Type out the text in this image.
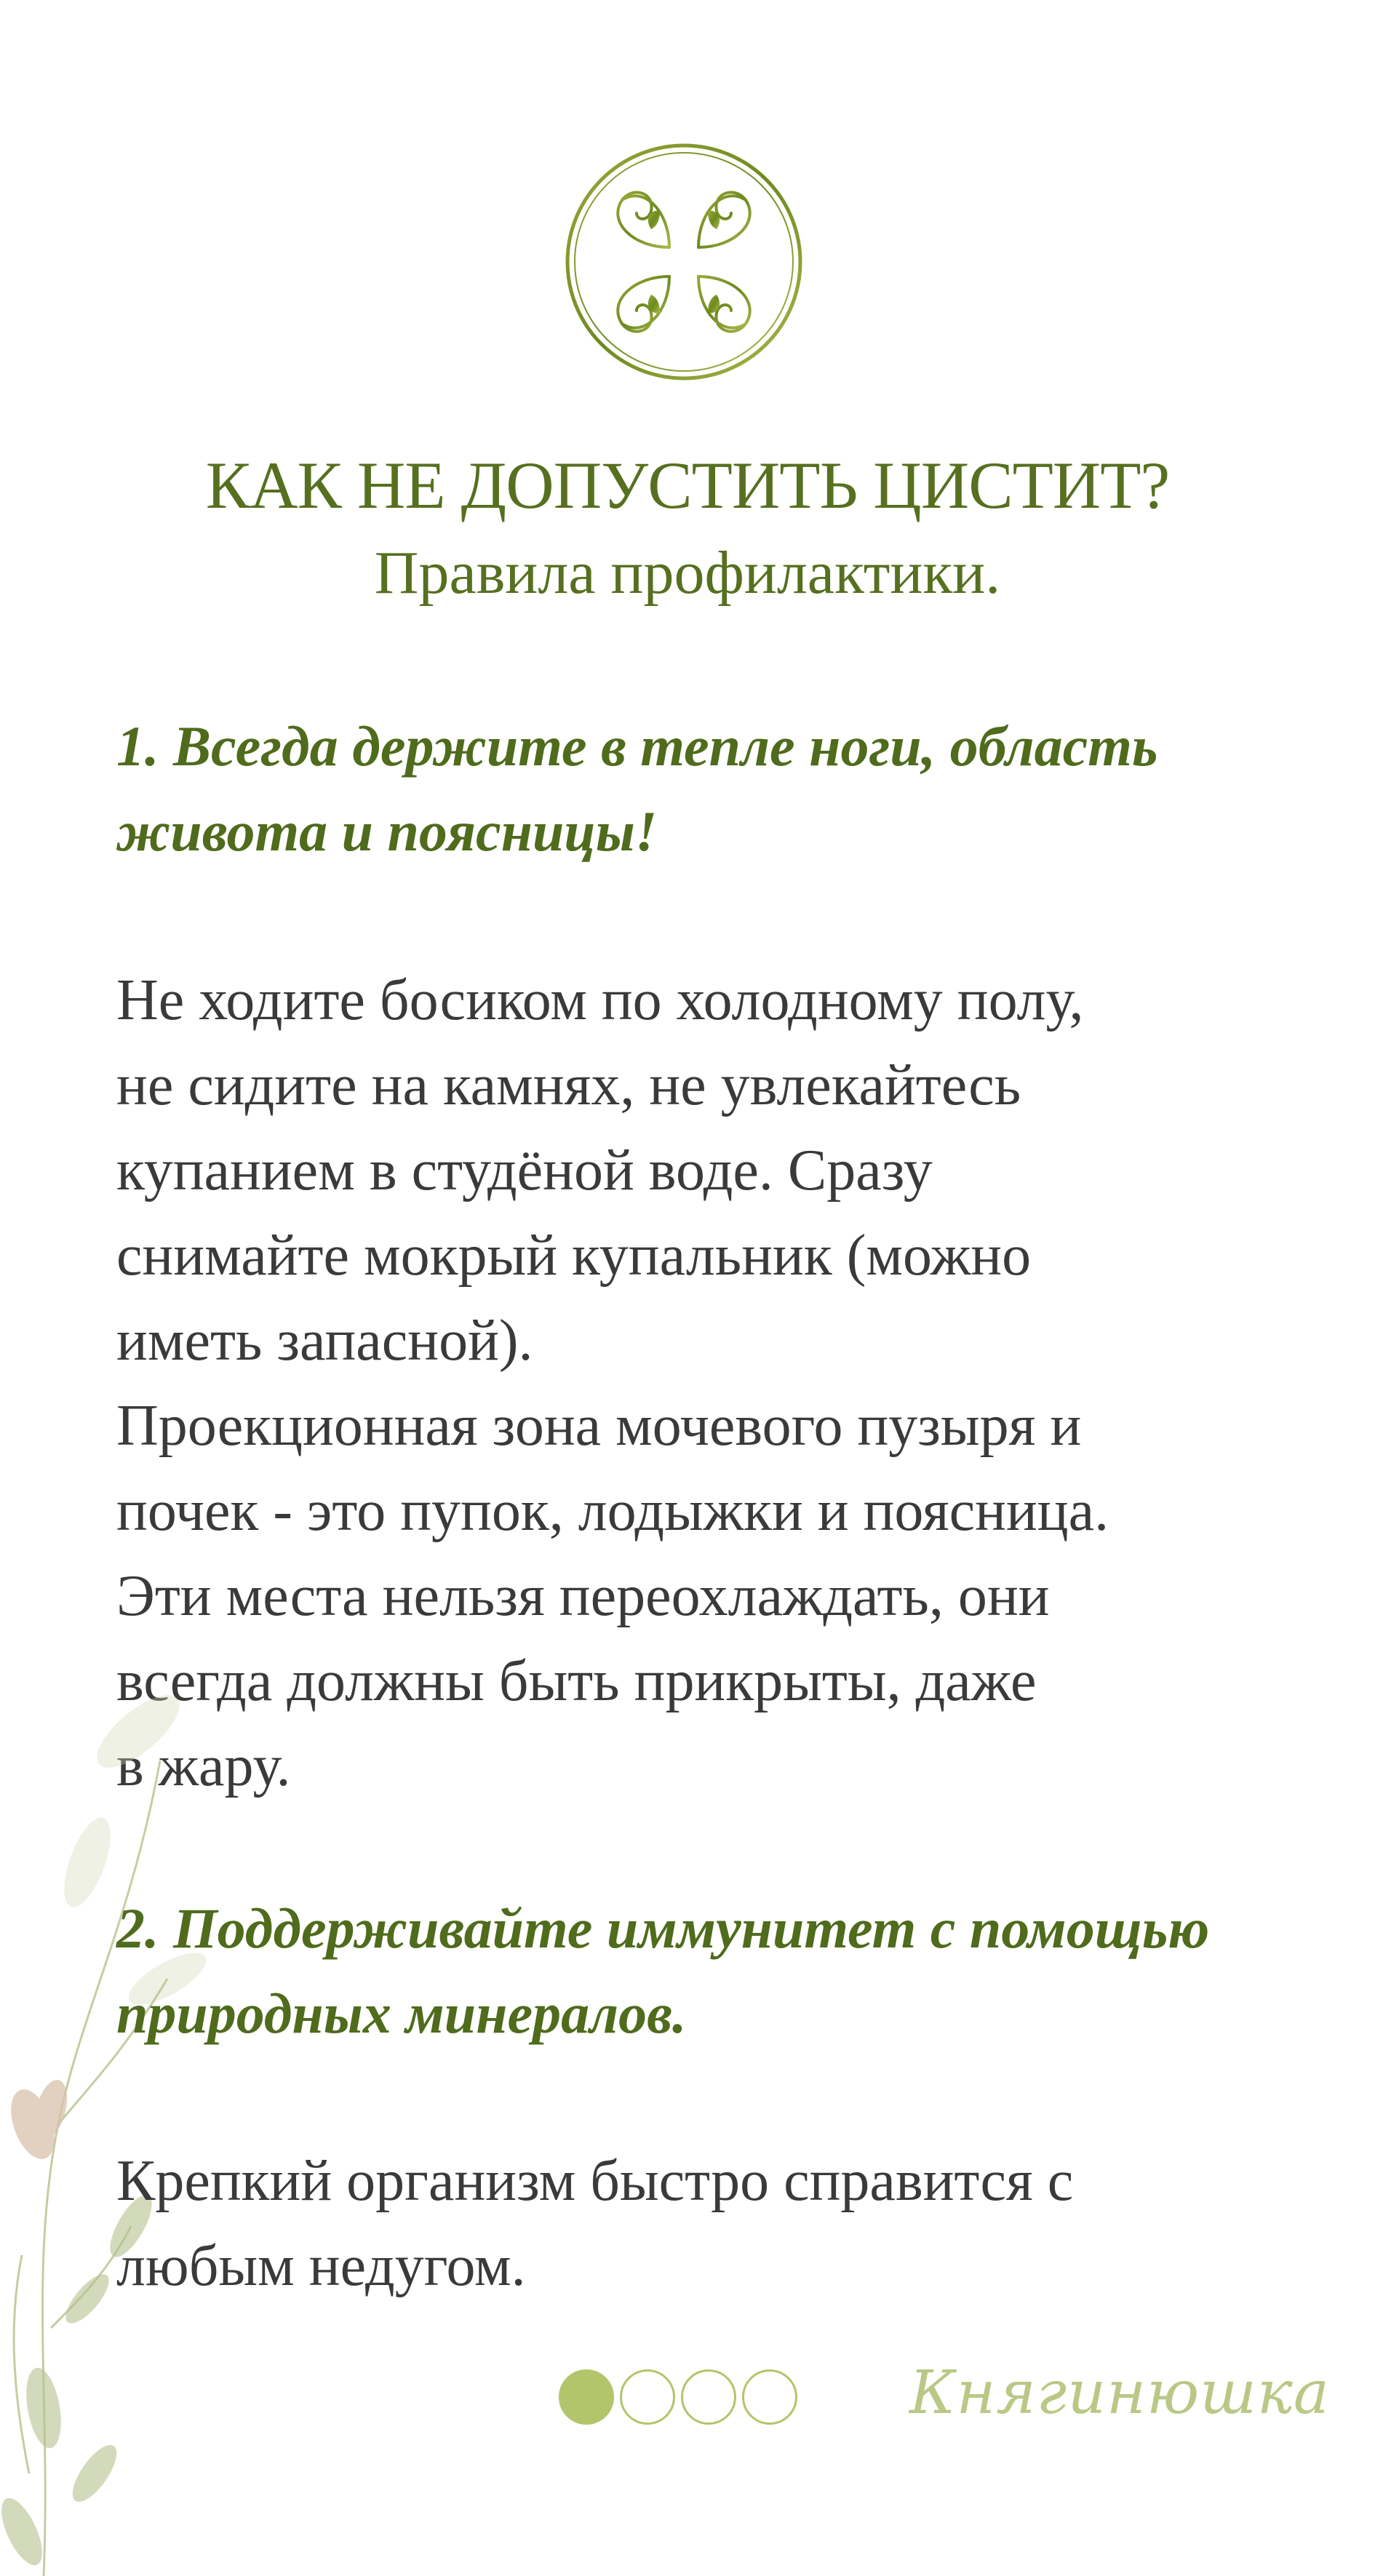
КАК НЕ ДОПУСТИТЬ ЦИСТИТ?
Правила профилактики.
1. Всегда держите в тепле ноги, область
живота и поясницы!
Не ходите босиком по холодному полу,
не сидите на камнях, не увлекайтесь
купанием в студёной воде. Сразу
снимайте мокрый купальник (можно
иметь запасной).
Проекционная зона мочевого пузыря и
почек - это пупок, лодыжки и поясница.
Эти места нельзя переохлаждать, они
всегда должны быть прикрыты, даже
в жару.
2. Поддерживайте иммунитет с помощью
природных минералов.
Крепкий организм быстро справится с
любым недугом.
Княгинюшка
